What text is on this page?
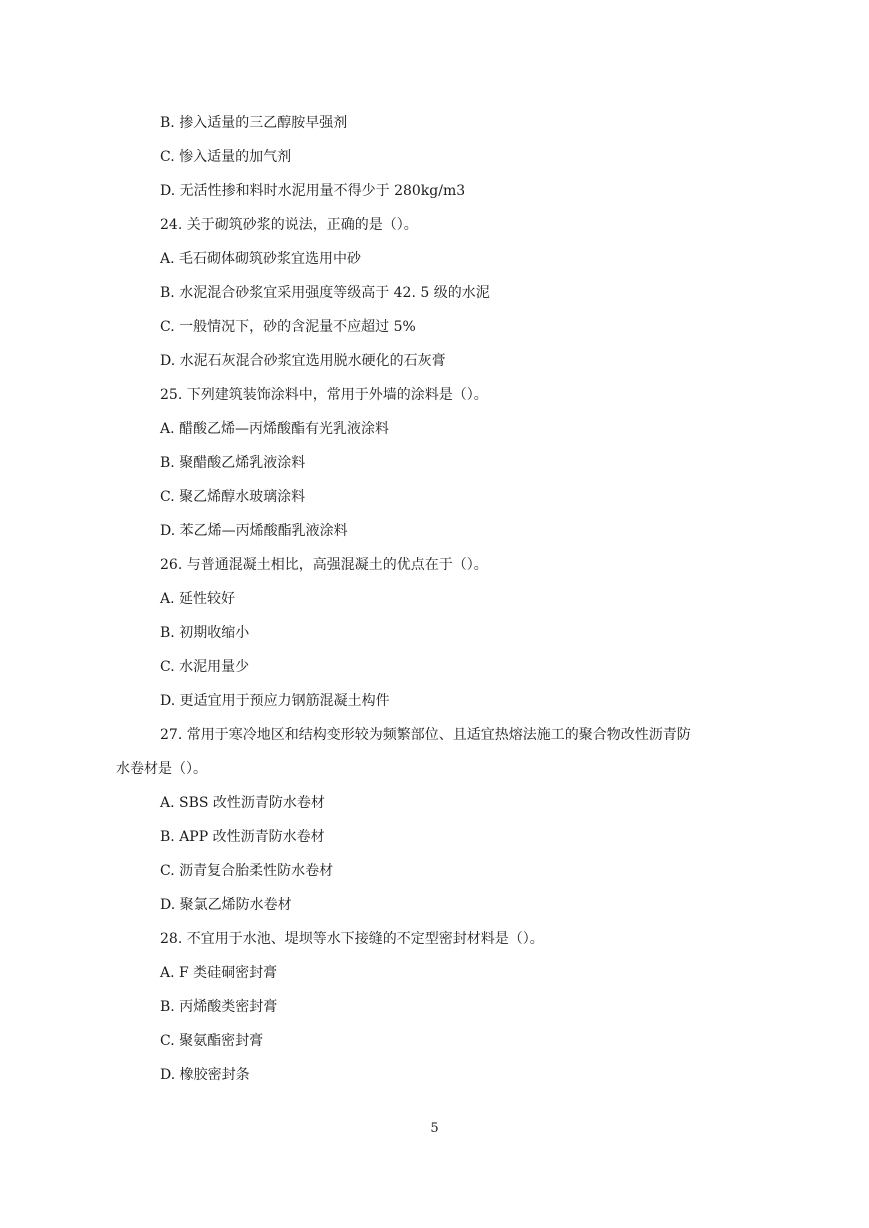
B. 掺入适量的三乙醇胺早强剂
C. 惨入适量的加气剂
D. 无活性掺和料时水泥用量不得少于 280kg/m3
24. 关于砌筑砂浆的说法，正确的是（）。
A. 毛石砌体砌筑砂浆宜选用中砂
B. 水泥混合砂浆宜采用强度等级高于 42. 5 级的水泥
C. 一般情况下，砂的含泥量不应超过 5%
D. 水泥石灰混合砂浆宜选用脱水硬化的石灰膏
25. 下列建筑装饰涂料中，常用于外墙的涂料是（）。
A. 醋酸乙烯—丙烯酸酯有光乳液涂料
B. 聚醋酸乙烯乳液涂料
C. 聚乙烯醇水玻璃涂料
D. 苯乙烯—丙烯酸酯乳液涂料
26. 与普通混凝土相比，高强混凝土的优点在于（）。
A. 延性较好
B. 初期收缩小
C. 水泥用量少
D. 更适宜用于预应力钢筋混凝土构件
27. 常用于寒冷地区和结构变形较为频繁部位、且适宜热熔法施工的聚合物改性沥青防
水卷材是（）。
A. SBS 改性沥青防水卷材
B. APP 改性沥青防水卷材
C. 沥青复合胎柔性防水卷材
D. 聚氯乙烯防水卷材
28. 不宜用于水池、堤坝等水下接缝的不定型密封材料是（）。
A. F 类硅硐密封膏
B. 丙烯酸类密封膏
C. 聚氨酯密封膏
D. 橡胶密封条
5
